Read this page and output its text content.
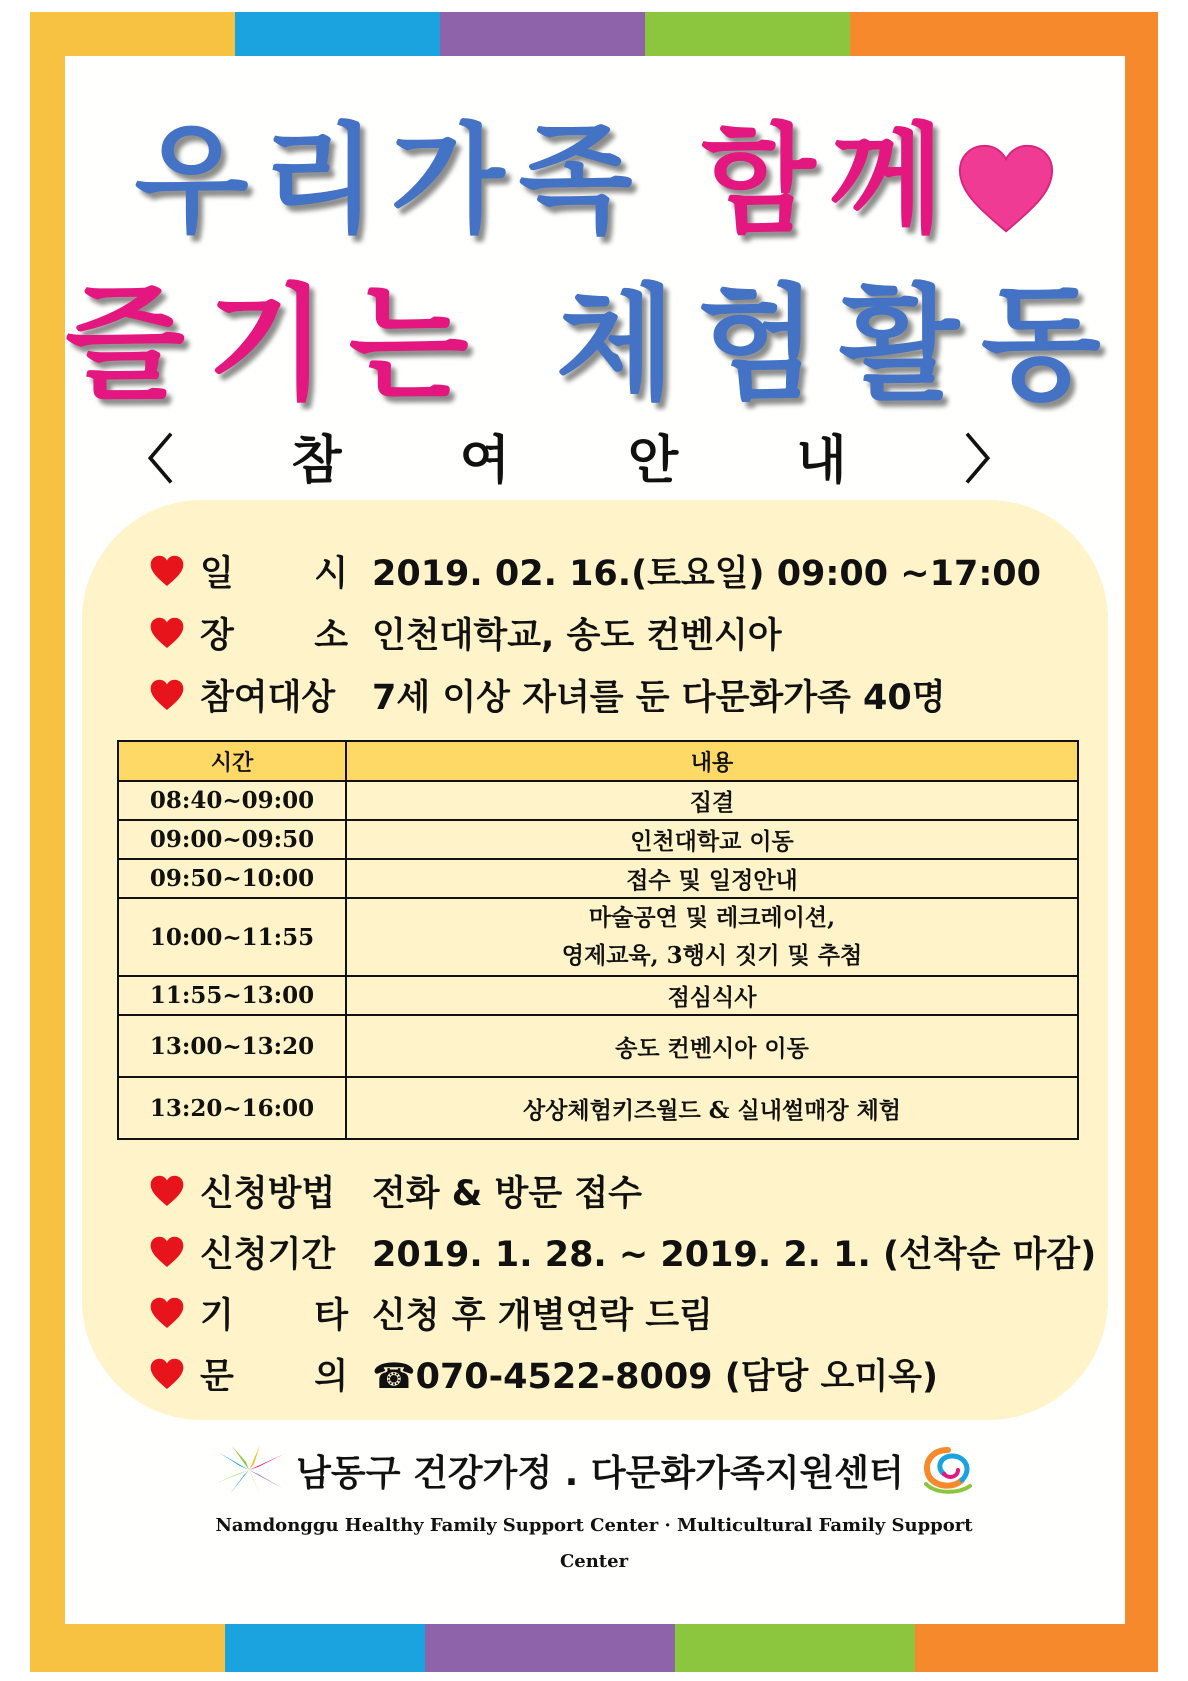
우리가족 함께
즐기는 체험활동
〈 참 여 안 내 〉
일 시 2019. 02. 16.(토요일) 09:00 ~17:00
장 소 인천대학교, 송도 컨벤시아
참여대상	7세 이상 자녀를 둔 다문화가족 40명
시간	내용
08:40~09:00	집결
09:00~09:50	인천대학교 이동
09:50~10:00	접수 및 일정안내
10:00~11:55	마술공연 및 레크레이션,
영제교육, 3행시 짓기 및 추첨

11:55~13:00	점심식사
13:00~13:20	송도 컨벤시아 이동
13:20~16:00	상상체험키즈월드 & 실내썰매장 체험
신청방법	전화 & 방문 접수
신청기간	2019. 1. 28. ~ 2019. 2. 1. (선착순 마감)
기 타 신청 후 개별연락 드림
문 의 ☎070-4522-8009 (담당 오미옥)
남동구 건강가정 . 다문화가족지원센터
Namdonggu Healthy Family Support Center · Multicultural Family Support Center
